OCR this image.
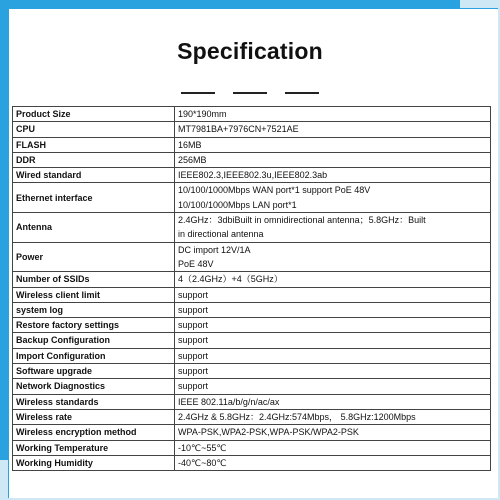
Specification
Product Size	190*190mm

CPU	MT7981BA+7976CN+7521AE

FLASH	16MB

DDR	256MB

Wired standard	IEEE802.3,IEEE802.3u,IEEE802.3ab

Ethernet interface	10/100/1000Mbps WAN port*1 support PoE 48V
10/100/1000Mbps LAN port*1

Antenna	2.4GHz：3dbiBuilt in omnidirectional antenna；5.8GHz：Built
in directional antenna

Power	DC import 12V/1A
PoE 48V

Number of SSIDs	4（2.4GHz）+4（5GHz）

Wireless client limit	support

system log	support

Restore factory settings	support

Backup Configuration	support

Import Configuration	support

Software upgrade	support

Network Diagnostics	support

Wireless standards	IEEE 802.11a/b/g/n/ac/ax

Wireless rate	2.4GHz & 5.8GHz：2.4GHz:574Mbps， 5.8GHz:1200Mbps

Wireless encryption method	WPA-PSK,WPA2-PSK,WPA-PSK/WPA2-PSK

Working Temperature	-10℃~55℃

Working Humidity	-40℃~80℃
